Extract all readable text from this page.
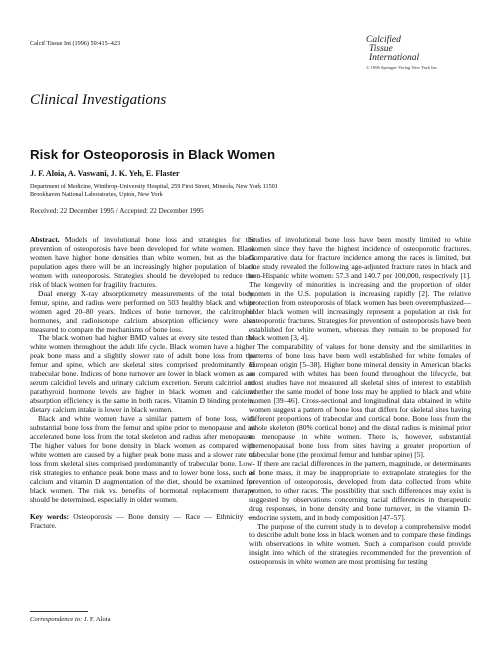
Calcif Tissue Int (1996) 59:415–423	Calcified
Tissue
International
© 1996 Springer-Verlag New York Inc.
Clinical Investigations
Risk for Osteoporosis in Black Women
J. F. Aloia, A. Vaswani, J. K. Yeh, E. Flaster
Department of Medicine, Winthrop-University Hospital, 259 First Street, Mineola, New York 11501
Brookhaven National Laboratories, Upton, New York
Received: 22 December 1995 / Accepted: 22 December 1995

Abstract. Models of involutional bone loss and strategies for the prevention of osteoporosis have been developed for white women. Black women have higher bone densities than white women, but as the black population ages there will be an increasingly higher population of black women with osteoporosis. Strategies should be developed to reduce the risk of black women for fragility fractures.

Dual energy X-ray absorptiometry measurements of the total body, femur, spine, and radius were performed on 503 healthy black and white women aged 20–80 years. Indices of bone turnover, the calcitrophic hormones, and radioisotope calcium absorption efficiency were also measured to compare the mechanisms of bone loss.

The black women had higher BMD values at every site tested than the white women throughout the adult life cycle. Black women have a higher peak bone mass and a slightly slower rate of adult bone loss from the femur and spine, which are skeletal sites comprised predominantly of trabecular bone. Indices of bone turnover are lower in black women as are serum calcidiol levels and urinary calcium excretion. Serum calcitriol and parathyroid hormone levels are higher in black women and calcium absorption efficiency is the same in both races. Vitamin D binding protein, dietary calcium intake is lower in black women.

Black and white women have a similar pattern of bone loss, with substantial bone loss from the femur and spine prior to menopause and an accelerated bone loss from the total skeleton and radius after menopause. The higher values for bone density in black women as compared with white women are caused by a higher peak bone mass and a slower rate of loss from skeletal sites comprised predominantly of trabecular bone. Low-risk strategies to enhance peak bone mass and to lower bone loss, such as calcium and vitamin D augmentation of the diet, should be examined for black women. The risk vs. benefits of hormonal replacement therapy should be determined, especially in older women.

Key words: Osteoporosis — Bone density — Race — Ethnicity — Fracture.

Studies of involutional bone loss have been mostly limited to white women since they have the highest incidence of osteoporotic fractures. Comparative data for fracture incidence among the races is limited, but one study revealed the following age-adjusted fracture rates in black and non-Hispanic white women: 57.3 and 140.7 per 100,000, respectively [1]. The longevity of minorities is increasing and the proportion of older women in the U.S. population is increasing rapidly [2]. The relative protection from osteoporosis of black women has been overemphasized—older black women will increasingly represent a population at risk for osteoporotic fractures. Strategies for prevention of osteoporosis have been established for white women, whereas they remain to be proposed for black women [3, 4].

The comparability of values for bone density and the similarities in patterns of bone loss have been well established for white females of European origin [5–38]. Higher bone mineral density in American blacks as compared with whites has been found throughout the lifecycle, but most studies have not measured all skeletal sites of interest to establish whether the same model of bone loss may be applied to black and white women [39–46]. Cross-sectional and longitudinal data obtained in white women suggest a pattern of bone loss that differs for skeletal sites having different proportions of trabecular and cortical bone. Bone loss from the whole skeleton (80% cortical bone) and the distal radius is minimal prior to menopause in white women. There is, however, substantial premenopausal bone loss from sites having a greater proportion of trabecular bone (the proximal femur and lumbar spine) [5].

If there are racial differences in the pattern, magnitude, or determinants of bone mass, it may be inappropriate to extrapolate strategies for the prevention of osteoporosis, developed from data collected from white women, to other races. The possibility that such differences may exist is suggested by observations concerning racial differences in therapeutic drug responses, in bone density and bone turnover, in the vitamin D-endocrine system, and in body composition [47–57].

The purpose of the current study is to develop a comprehensive model to describe adult bone loss in black women and to compare these findings with observations in white women. Such a comparison could provide insight into which of the strategies recommended for the prevention of osteoporosis in white women are most promising for testing

Correspondence to: J. F. Aloia
